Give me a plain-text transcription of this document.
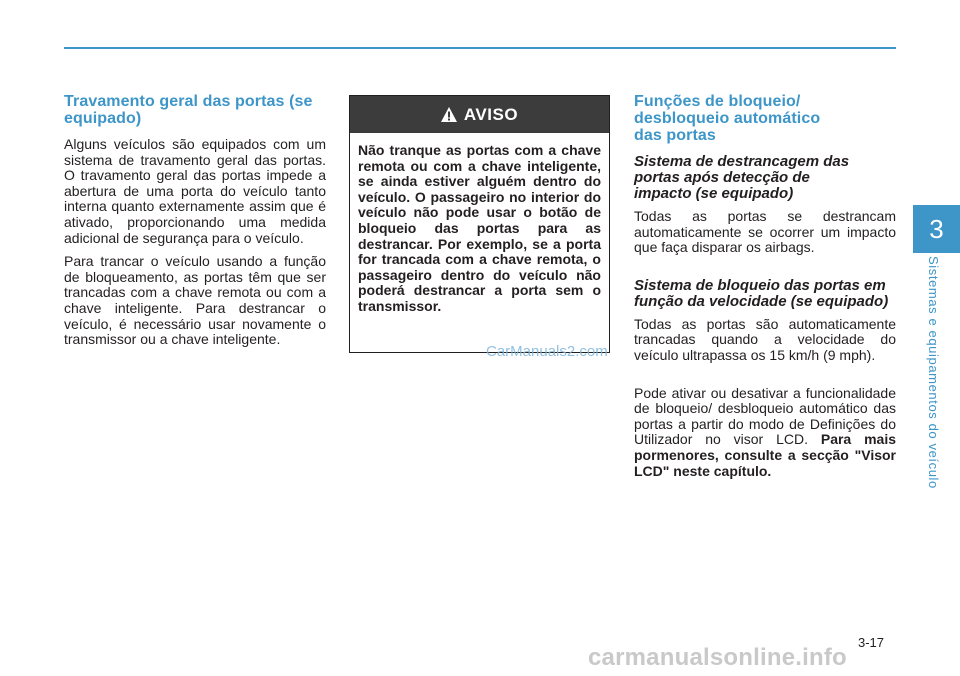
Travamento geral das portas (se equipado)

Alguns veículos são equipados com um sistema de travamento geral das portas. O travamento geral das portas impede a abertura de uma porta do veículo tanto interna quanto externamente assim que é ativado, proporcionando uma medida adicional de segurança para o veículo.

Para trancar o veículo usando a função de bloqueamento, as portas têm que ser trancadas com a chave remota ou com a chave inteligente. Para destrancar o veículo, é necessário usar novamente o transmissor ou a chave inteligente.

AVISO
Não tranque as portas com a chave remota ou com a chave inteligente, se ainda estiver alguém dentro do veículo. O passageiro no interior do veículo não pode usar o botão de bloqueio das portas para as destrancar. Por exemplo, se a porta for trancada com a chave remota, o passageiro dentro do veículo não poderá destrancar a porta sem o transmissor.
CarManuals2.com
Funções de bloqueio/ desbloqueio automático das portas
Sistema de destrancagem das portas após detecção de impacto (se equipado)

Todas as portas se destrancam automaticamente se ocorrer um impacto que faça disparar os airbags.

Sistema de bloqueio das portas em função da velocidade (se equipado)

Todas as portas são automaticamente trancadas quando a velocidade do veículo ultrapassa os 15 km/h (9 mph).

Pode ativar ou desativar a funcionalidade de bloqueio/ desbloqueio automático das portas a partir do modo de Definições do Utilizador no visor LCD. Para mais pormenores, consulte a secção "Visor LCD" neste capítulo.

3
Sistemas e equipamentos do veículo
3-17
carmanualsonline.info
